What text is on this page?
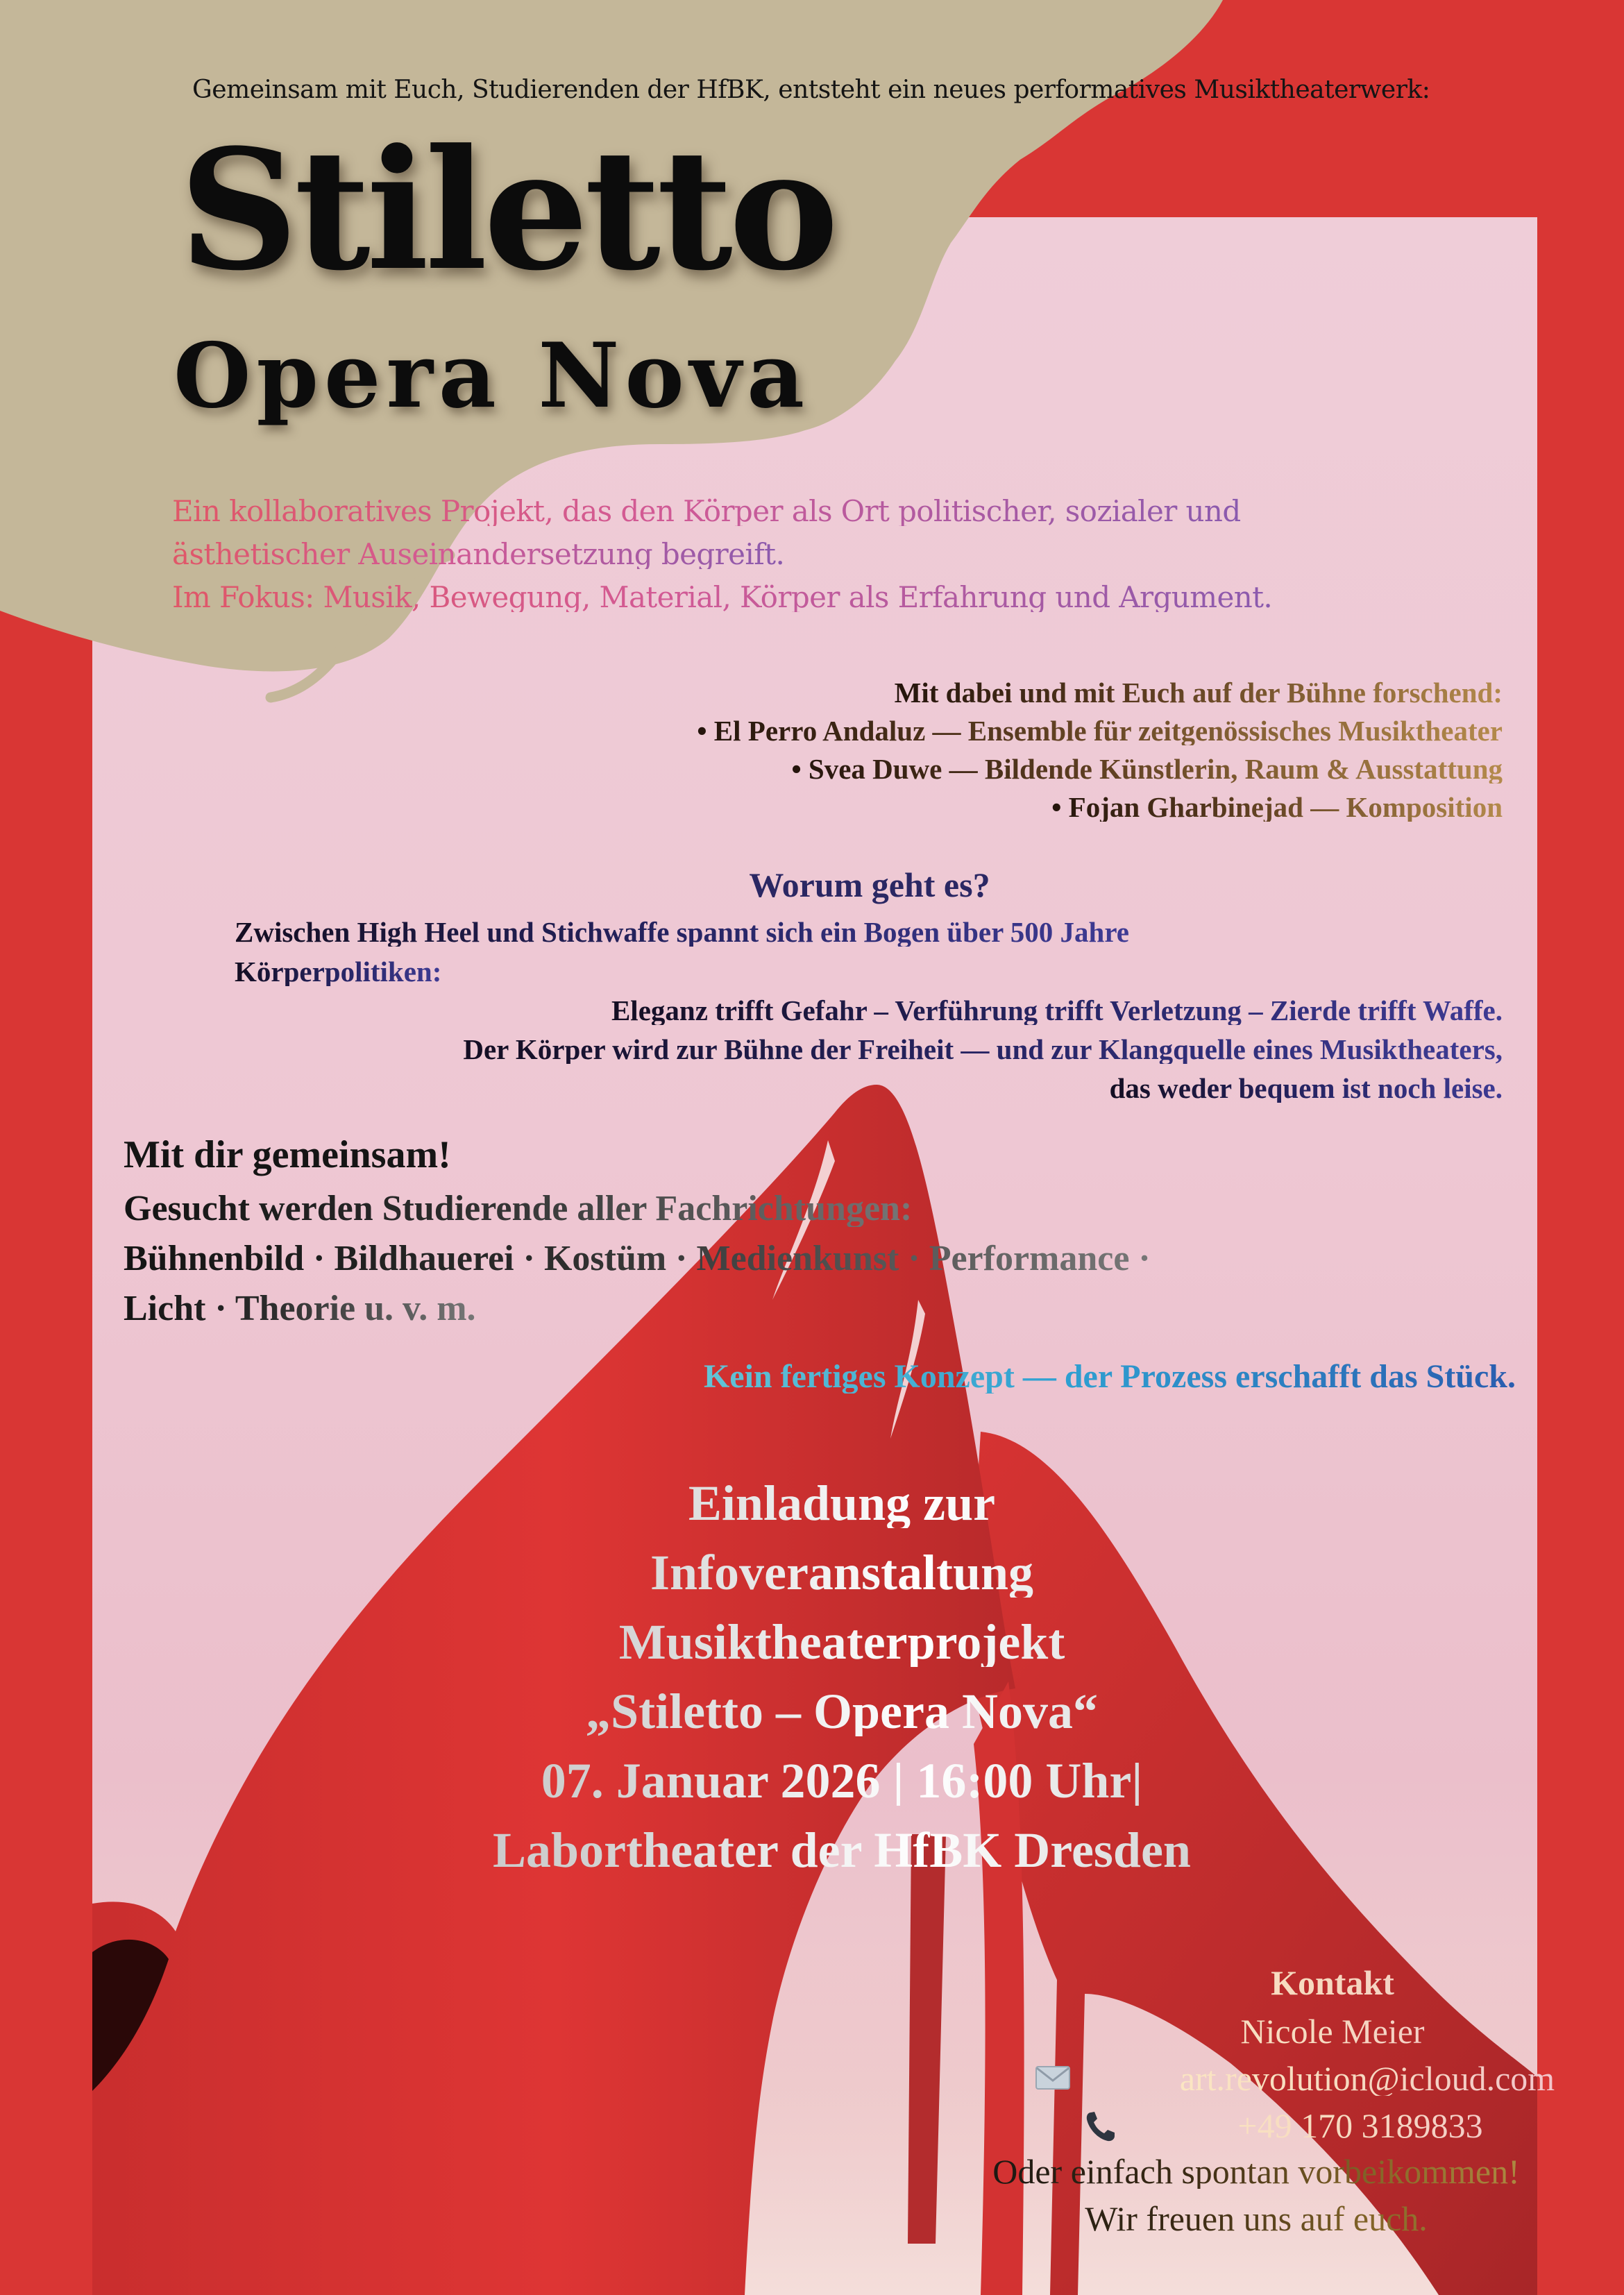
Gemeinsam mit Euch, Studierenden der HfBK, entsteht ein neues performatives Musiktheaterwerk:

Stiletto
Opera Nova

Ein kollaboratives Projekt, das den Körper als Ort politischer, sozialer und

ästhetischer Auseinandersetzung begreift.

Im Fokus: Musik, Bewegung, Material, Körper als Erfahrung und Argument.

Mit dabei und mit Euch auf der Bühne forschend:

• El Perro Andaluz — Ensemble für zeitgenössisches Musiktheater

• Svea Duwe — Bildende Künstlerin, Raum & Ausstattung

• Fojan Gharbinejad — Komposition

Worum geht es?

Zwischen High Heel und Stichwaffe spannt sich ein Bogen über 500 Jahre

Körperpolitiken:

Eleganz trifft Gefahr – Verführung trifft Verletzung – Zierde trifft Waffe.

Der Körper wird zur Bühne der Freiheit — und zur Klangquelle eines Musiktheaters,

das weder bequem ist noch leise.

Mit dir gemeinsam!

Gesucht werden Studierende aller Fachrichtungen:

Bühnenbild · Bildhauerei · Kostüm · Medienkunst · Performance ·

Licht · Theorie u. v. m.

Kein fertiges Konzept — der Prozess erschafft das Stück.

Einladung zur

Infoveranstaltung

Musiktheaterprojekt

„Stiletto – Opera Nova“

07. Januar 2026 | 16:00 Uhr|

Labortheater der HfBK Dresden

Kontakt

Nicole Meier

art.revolution@icloud.com
+49 170 3189833

Oder einfach spontan vorbeikommen!

Wir freuen uns auf euch.
